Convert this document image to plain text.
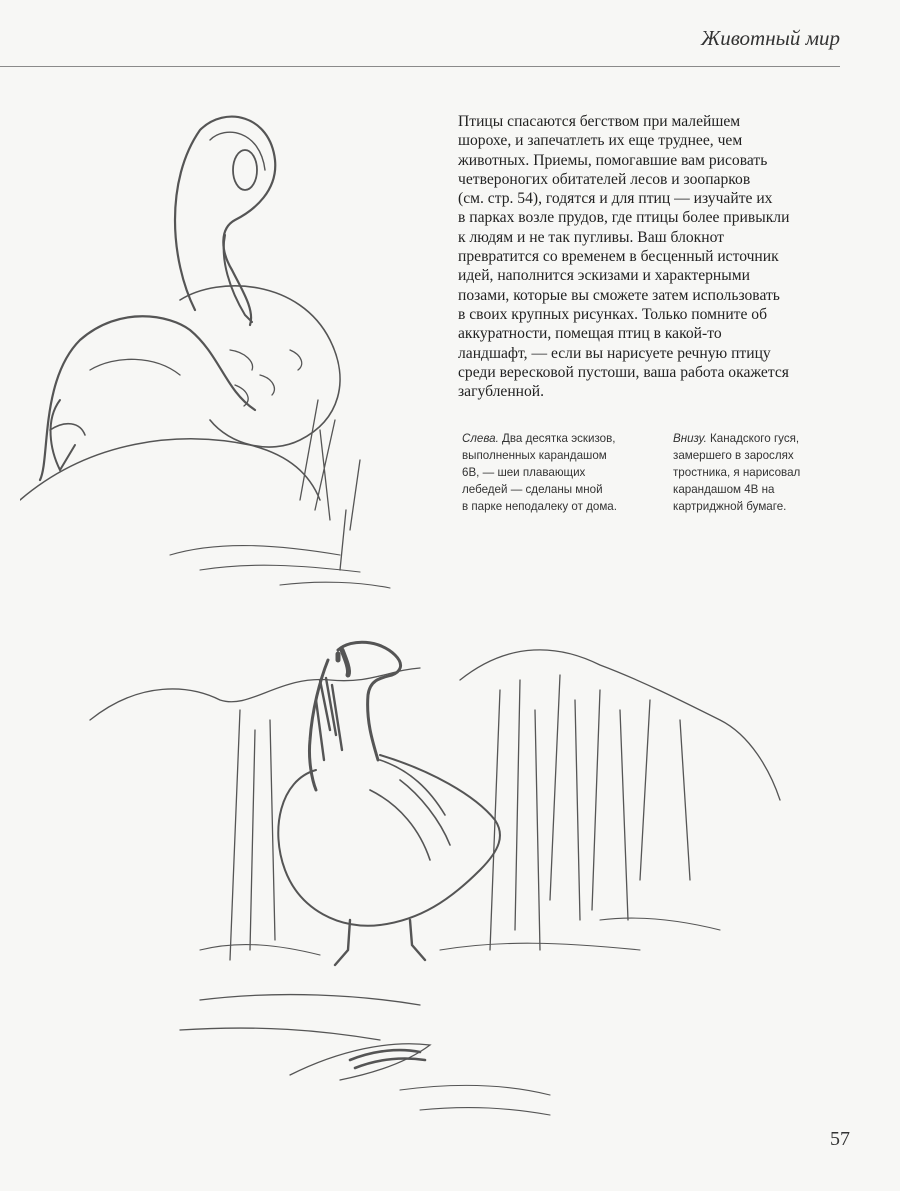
Животный мир
Птицы спасаются бегством при малейшем
шорохе, и запечатлеть их еще труднее, чем
животных. Приемы, помогавшие вам рисовать
четвероногих обитателей лесов и зоопарков
(см. стр. 54), годятся и для птиц — изучайте их
в парках возле прудов, где птицы более привыкли
к людям и не так пугливы. Ваш блокнот
превратится со временем в бесценный источник
идей, наполнится эскизами и характерными
позами, которые вы сможете затем использовать
в своих крупных рисунках. Только помните об
аккуратности, помещая птиц в какой-то
ландшафт, — если вы нарисуете речную птицу
среди вересковой пустоши, ваша работа окажется
загубленной.
Слева. Два десятка эскизов,
выполненных карандашом
6В, — шеи плавающих
лебедей — сделаны мной
в парке неподалеку от дома.
Внизу. Канадского гуся,
замершего в зарослях
тростника, я нарисовал
карандашом 4В на
картриджной бумаге.
57
